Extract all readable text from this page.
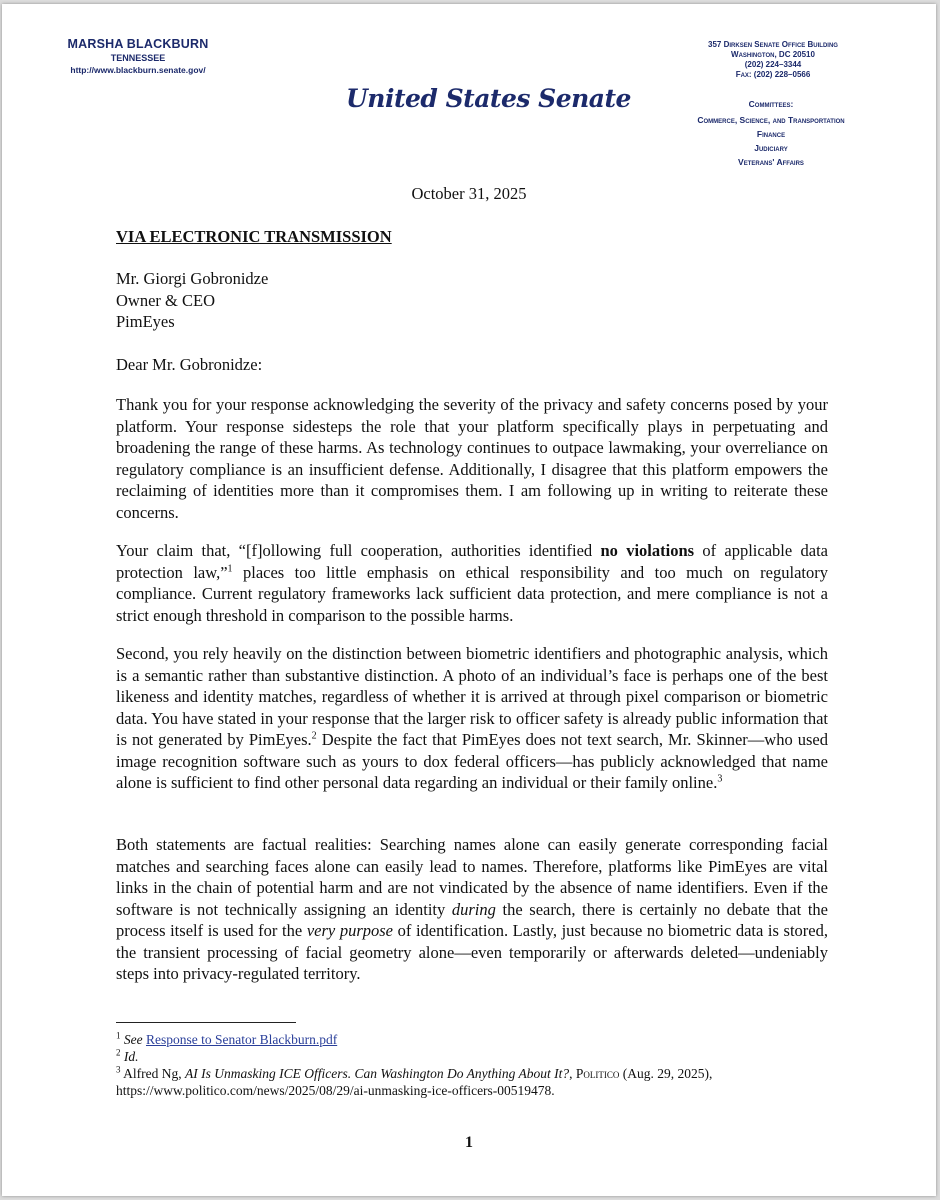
MARSHA BLACKBURN
TENNESSEE
http://www.blackburn.senate.gov/
United States Senate
357 Dirksen Senate Office Building
Washington, DC 20510
(202) 224–3344
Fax: (202) 228–0566
Committees:
Commerce, Science, and Transportation
Finance
Judiciary
Veterans' Affairs
October 31, 2025
VIA ELECTRONIC TRANSMISSION
Mr. Giorgi Gobronidze
Owner & CEO
PimEyes
Dear Mr. Gobronidze:
Thank you for your response acknowledging the severity of the privacy and safety concerns posed by your platform. Your response sidesteps the role that your platform specifically plays in perpetuating and broadening the range of these harms. As technology continues to outpace lawmaking, your overreliance on regulatory compliance is an insufficient defense. Additionally, I disagree that this platform empowers the reclaiming of identities more than it compromises them. I am following up in writing to reiterate these concerns.
Your claim that, “[f]ollowing full cooperation, authorities identified no violations of applicable data protection law,”$^1$ places too little emphasis on ethical responsibility and too much on regulatory compliance. Current regulatory frameworks lack sufficient data protection, and mere compliance is not a strict enough threshold in comparison to the possible harms.
Second, you rely heavily on the distinction between biometric identifiers and photographic analysis, which is a semantic rather than substantive distinction. A photo of an individual’s face is perhaps one of the best likeness and identity matches, regardless of whether it is arrived at through pixel comparison or biometric data. You have stated in your response that the larger risk to officer safety is already public information that is not generated by PimEyes.$^2$ Despite the fact that PimEyes does not text search, Mr. Skinner—who used image recognition software such as yours to dox federal officers—has publicly acknowledged that name alone is sufficient to find other personal data regarding an individual or their family online.$^3$
Both statements are factual realities: Searching names alone can easily generate corresponding facial matches and searching faces alone can easily lead to names. Therefore, platforms like PimEyes are vital links in the chain of potential harm and are not vindicated by the absence of name identifiers. Even if the software is not technically assigning an identity during the search, there is certainly no debate that the process itself is used for the very purpose of identification. Lastly, just because no biometric data is stored, the transient processing of facial geometry alone—even temporarily or afterwards deleted—undeniably steps into privacy-regulated territory.
$^1$ See Response to Senator Blackburn.pdf
$^2$ Id.
$^3$ Alfred Ng, AI Is Unmasking ICE Officers. Can Washington Do Anything About It?, Politico (Aug. 29, 2025),
https://www.politico.com/news/2025/08/29/ai-unmasking-ice-officers-00519478.
1
